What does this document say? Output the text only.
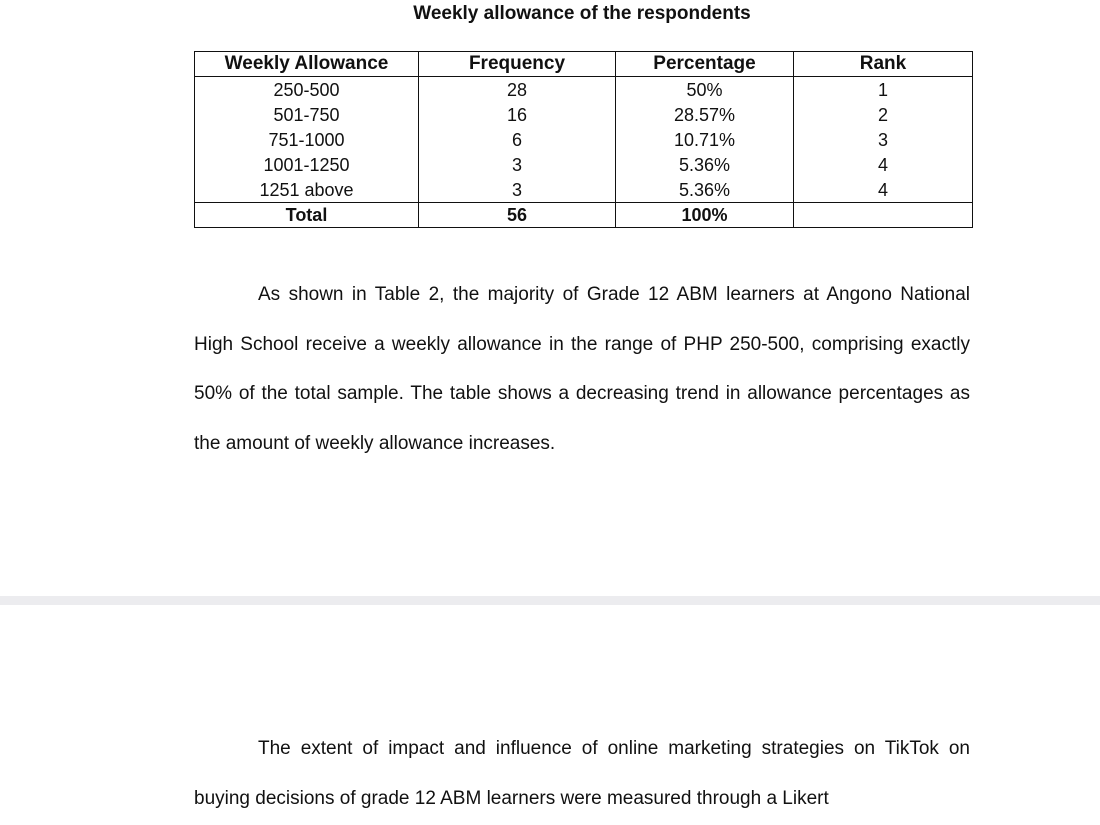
Weekly allowance of the respondents
Weekly Allowance	Frequency	Percentage	Rank
250-500	28	50%	1
501-750	16	28.57%	2
751-1000	6	10.71%	3
1001-1250	3	5.36%	4
1251 above	3	5.36%	4
Total	56	100%	

As shown in Table 2, the majority of Grade 12 ABM learners at Angono National High School receive a weekly allowance in the range of PHP 250-500, comprising exactly 50% of the total sample. The table shows a decreasing trend in allowance percentages as the amount of weekly allowance increases.

The extent of impact and influence of online marketing strategies on TikTok on buying decisions of grade 12 ABM learners were measured through a Likert
